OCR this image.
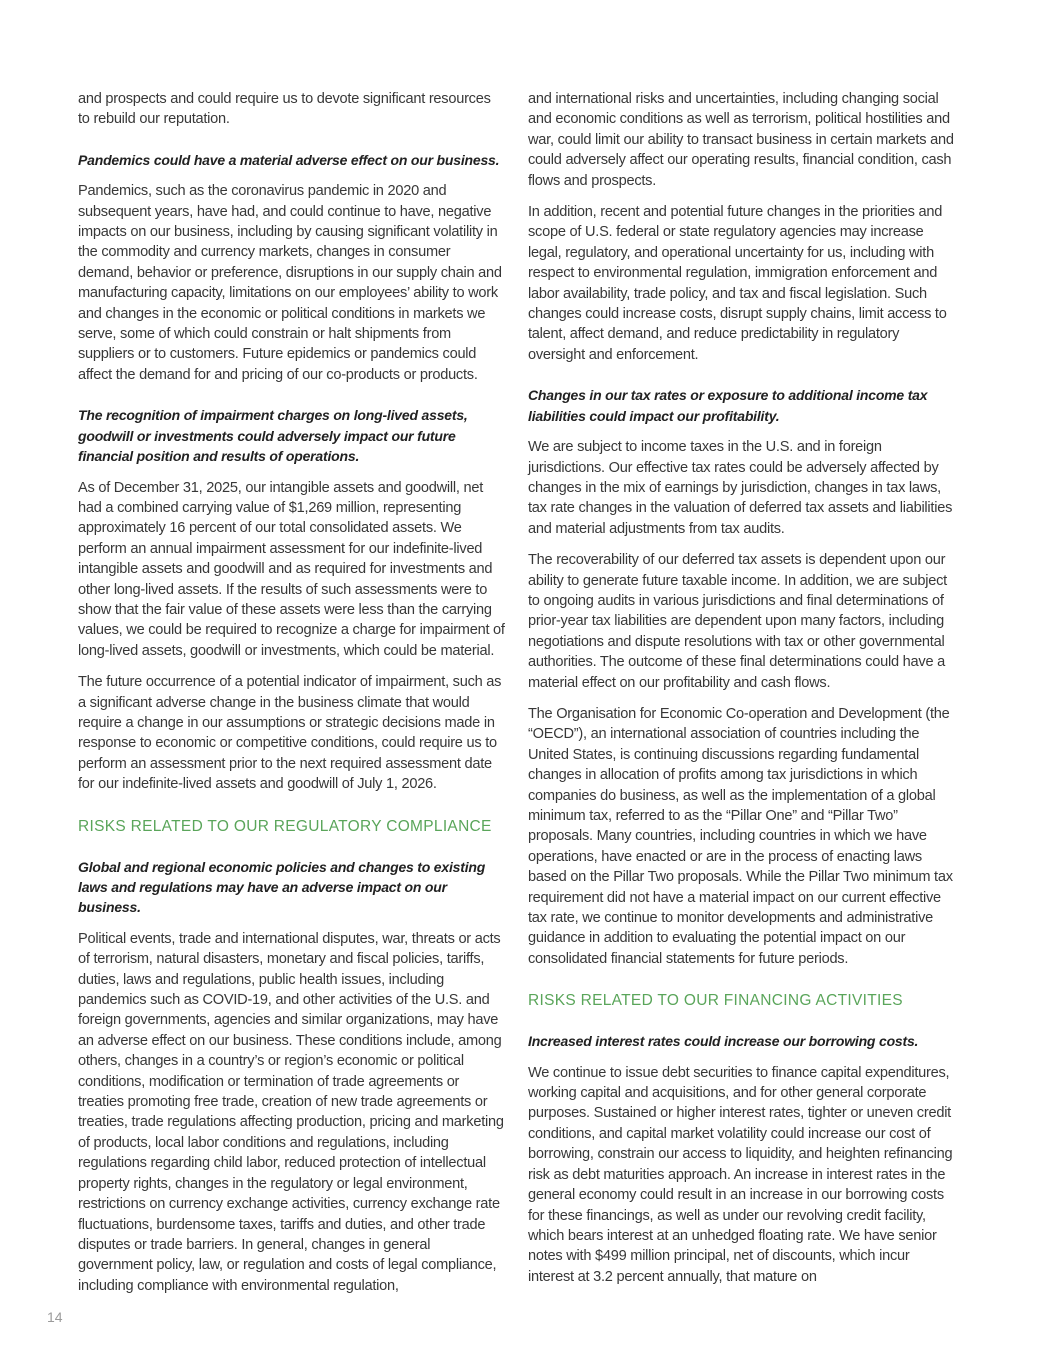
and prospects and could require us to devote significant resources to rebuild our reputation.

Pandemics could have a material adverse effect on our business.

Pandemics, such as the coronavirus pandemic in 2020 and subsequent years, have had, and could continue to have, negative impacts on our business, including by causing significant volatility in the commodity and currency markets, changes in consumer demand, behavior or preference, disruptions in our supply chain and manufacturing capacity, limitations on our employees’ ability to work and changes in the economic or political conditions in markets we serve, some of which could constrain or halt shipments from suppliers or to customers. Future epidemics or pandemics could affect the demand for and pricing of our co-products or products.

The recognition of impairment charges on long-lived assets, goodwill or investments could adversely impact our future financial position and results of operations.

As of December 31, 2025, our intangible assets and goodwill, net had a combined carrying value of $1,269 million, representing approximately 16 percent of our total consolidated assets. We perform an annual impairment assessment for our indefinite-lived intangible assets and goodwill and as required for investments and other long-lived assets. If the results of such assessments were to show that the fair value of these assets were less than the carrying values, we could be required to recognize a charge for impairment of long-lived assets, goodwill or investments, which could be material.

The future occurrence of a potential indicator of impairment, such as a significant adverse change in the business climate that would require a change in our assumptions or strategic decisions made in response to economic or competitive conditions, could require us to perform an assessment prior to the next required assessment date for our indefinite-lived assets and goodwill of July 1, 2026.

RISKS RELATED TO OUR REGULATORY COMPLIANCE
Global and regional economic policies and changes to existing laws and regulations may have an adverse impact on our business.

Political events, trade and international disputes, war, threats or acts of terrorism, natural disasters, monetary and fiscal policies, tariffs, duties, laws and regulations, public health issues, including pandemics such as COVID-19, and other activities of the U.S. and foreign governments, agencies and similar organizations, may have an adverse effect on our business. These conditions include, among others, changes in a country’s or region’s economic or political conditions, modification or termination of trade agreements or treaties promoting free trade, creation of new trade agreements or treaties, trade regulations affecting production, pricing and marketing of products, local labor conditions and regulations, including regulations regarding child labor, reduced protection of intellectual property rights, changes in the regulatory or legal environment, restrictions on currency exchange activities, currency exchange rate fluctuations, burdensome taxes, tariffs and duties, and other trade disputes or trade barriers. In general, changes in general government policy, law, or regulation and costs of legal compliance, including compliance with environmental regulation,

and international risks and uncertainties, including changing social and economic conditions as well as terrorism, political hostilities and war, could limit our ability to transact business in certain markets and could adversely affect our operating results, financial condition, cash flows and prospects.

In addition, recent and potential future changes in the priorities and scope of U.S. federal or state regulatory agencies may increase legal, regulatory, and operational uncertainty for us, including with respect to environmental regulation, immigration enforcement and labor availability, trade policy, and tax and fiscal legislation. Such changes could increase costs, disrupt supply chains, limit access to talent, affect demand, and reduce predictability in regulatory oversight and enforcement.

Changes in our tax rates or exposure to additional income tax liabilities could impact our profitability.

We are subject to income taxes in the U.S. and in foreign jurisdictions. Our effective tax rates could be adversely affected by changes in the mix of earnings by jurisdiction, changes in tax laws, tax rate changes in the valuation of deferred tax assets and liabilities and material adjustments from tax audits.

The recoverability of our deferred tax assets is dependent upon our ability to generate future taxable income. In addition, we are subject to ongoing audits in various jurisdictions and final determinations of prior-year tax liabilities are dependent upon many factors, including negotiations and dispute resolutions with tax or other governmental authorities. The outcome of these final determinations could have a material effect on our profitability and cash flows.

The Organisation for Economic Co-operation and Development (the “OECD”), an international association of countries including the United States, is continuing discussions regarding fundamental changes in allocation of profits among tax jurisdictions in which companies do business, as well as the implementation of a global minimum tax, referred to as the “Pillar One” and “Pillar Two” proposals. Many countries, including countries in which we have operations, have enacted or are in the process of enacting laws based on the Pillar Two proposals. While the Pillar Two minimum tax requirement did not have a material impact on our current effective tax rate, we continue to monitor developments and administrative guidance in addition to evaluating the potential impact on our consolidated financial statements for future periods.

RISKS RELATED TO OUR FINANCING ACTIVITIES
Increased interest rates could increase our borrowing costs.

We continue to issue debt securities to finance capital expenditures, working capital and acquisitions, and for other general corporate purposes. Sustained or higher interest rates, tighter or uneven credit conditions, and capital market volatility could increase our cost of borrowing, constrain our access to liquidity, and heighten refinancing risk as debt maturities approach. An increase in interest rates in the general economy could result in an increase in our borrowing costs for these financings, as well as under our revolving credit facility, which bears interest at an unhedged floating rate. We have senior notes with $499 million principal, net of discounts, which incur interest at 3.2 percent annually, that mature on

14
